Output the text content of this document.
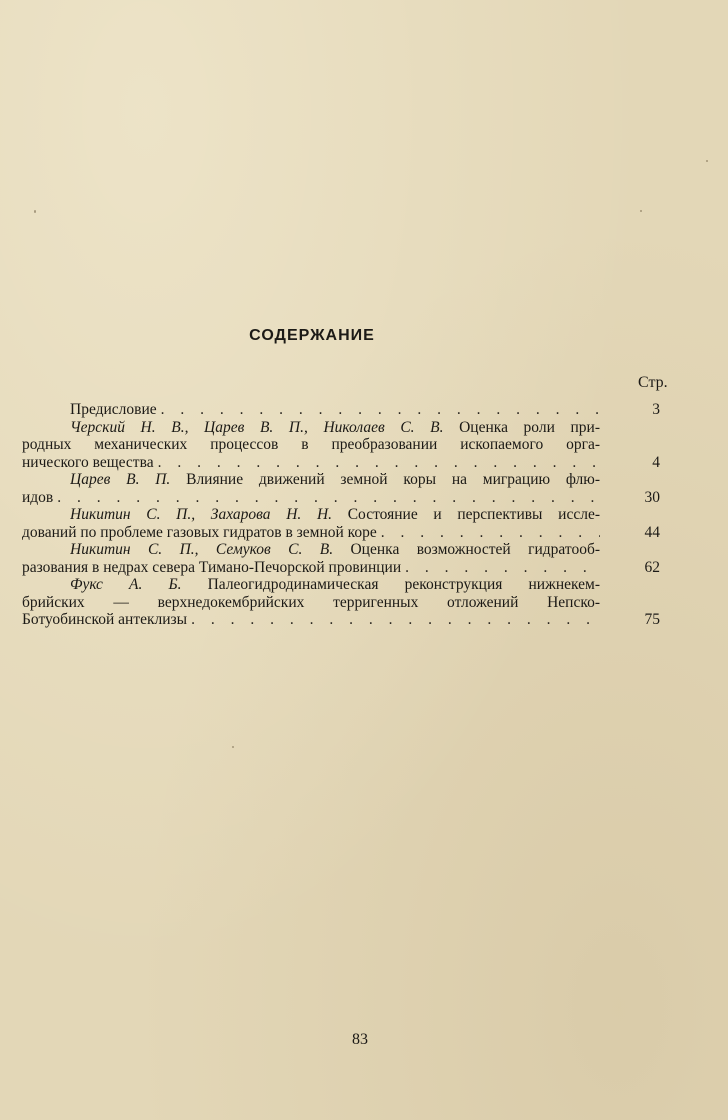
СОДЕРЖАНИЕ
Стр.
Предисловие . . .	3
Черский Н. В., Царев В. П., Николаев С. В. Оценка роли при-
родных механических процессов в преобразовании ископаемого орга-
нического вещества . . .	4
Царев В. П. Влияние движений земной коры на миграцию флю-
идов . . .	30
Никитин С. П., Захарова Н. Н. Состояние и перспективы иссле-
дований по проблеме газовых гидратов в земной коре . . .	44
Никитин С. П., Семуков С. В. Оценка возможностей гидратооб-
разования в недрах севера Тимано-Печорской провинции . . .	62
Фукс А. Б. Палеогидродинамическая реконструкция нижнекем-
брийских — верхнедокембрийских терригенных отложений Непско-
Ботуобинской антеклизы . . .	75
83
